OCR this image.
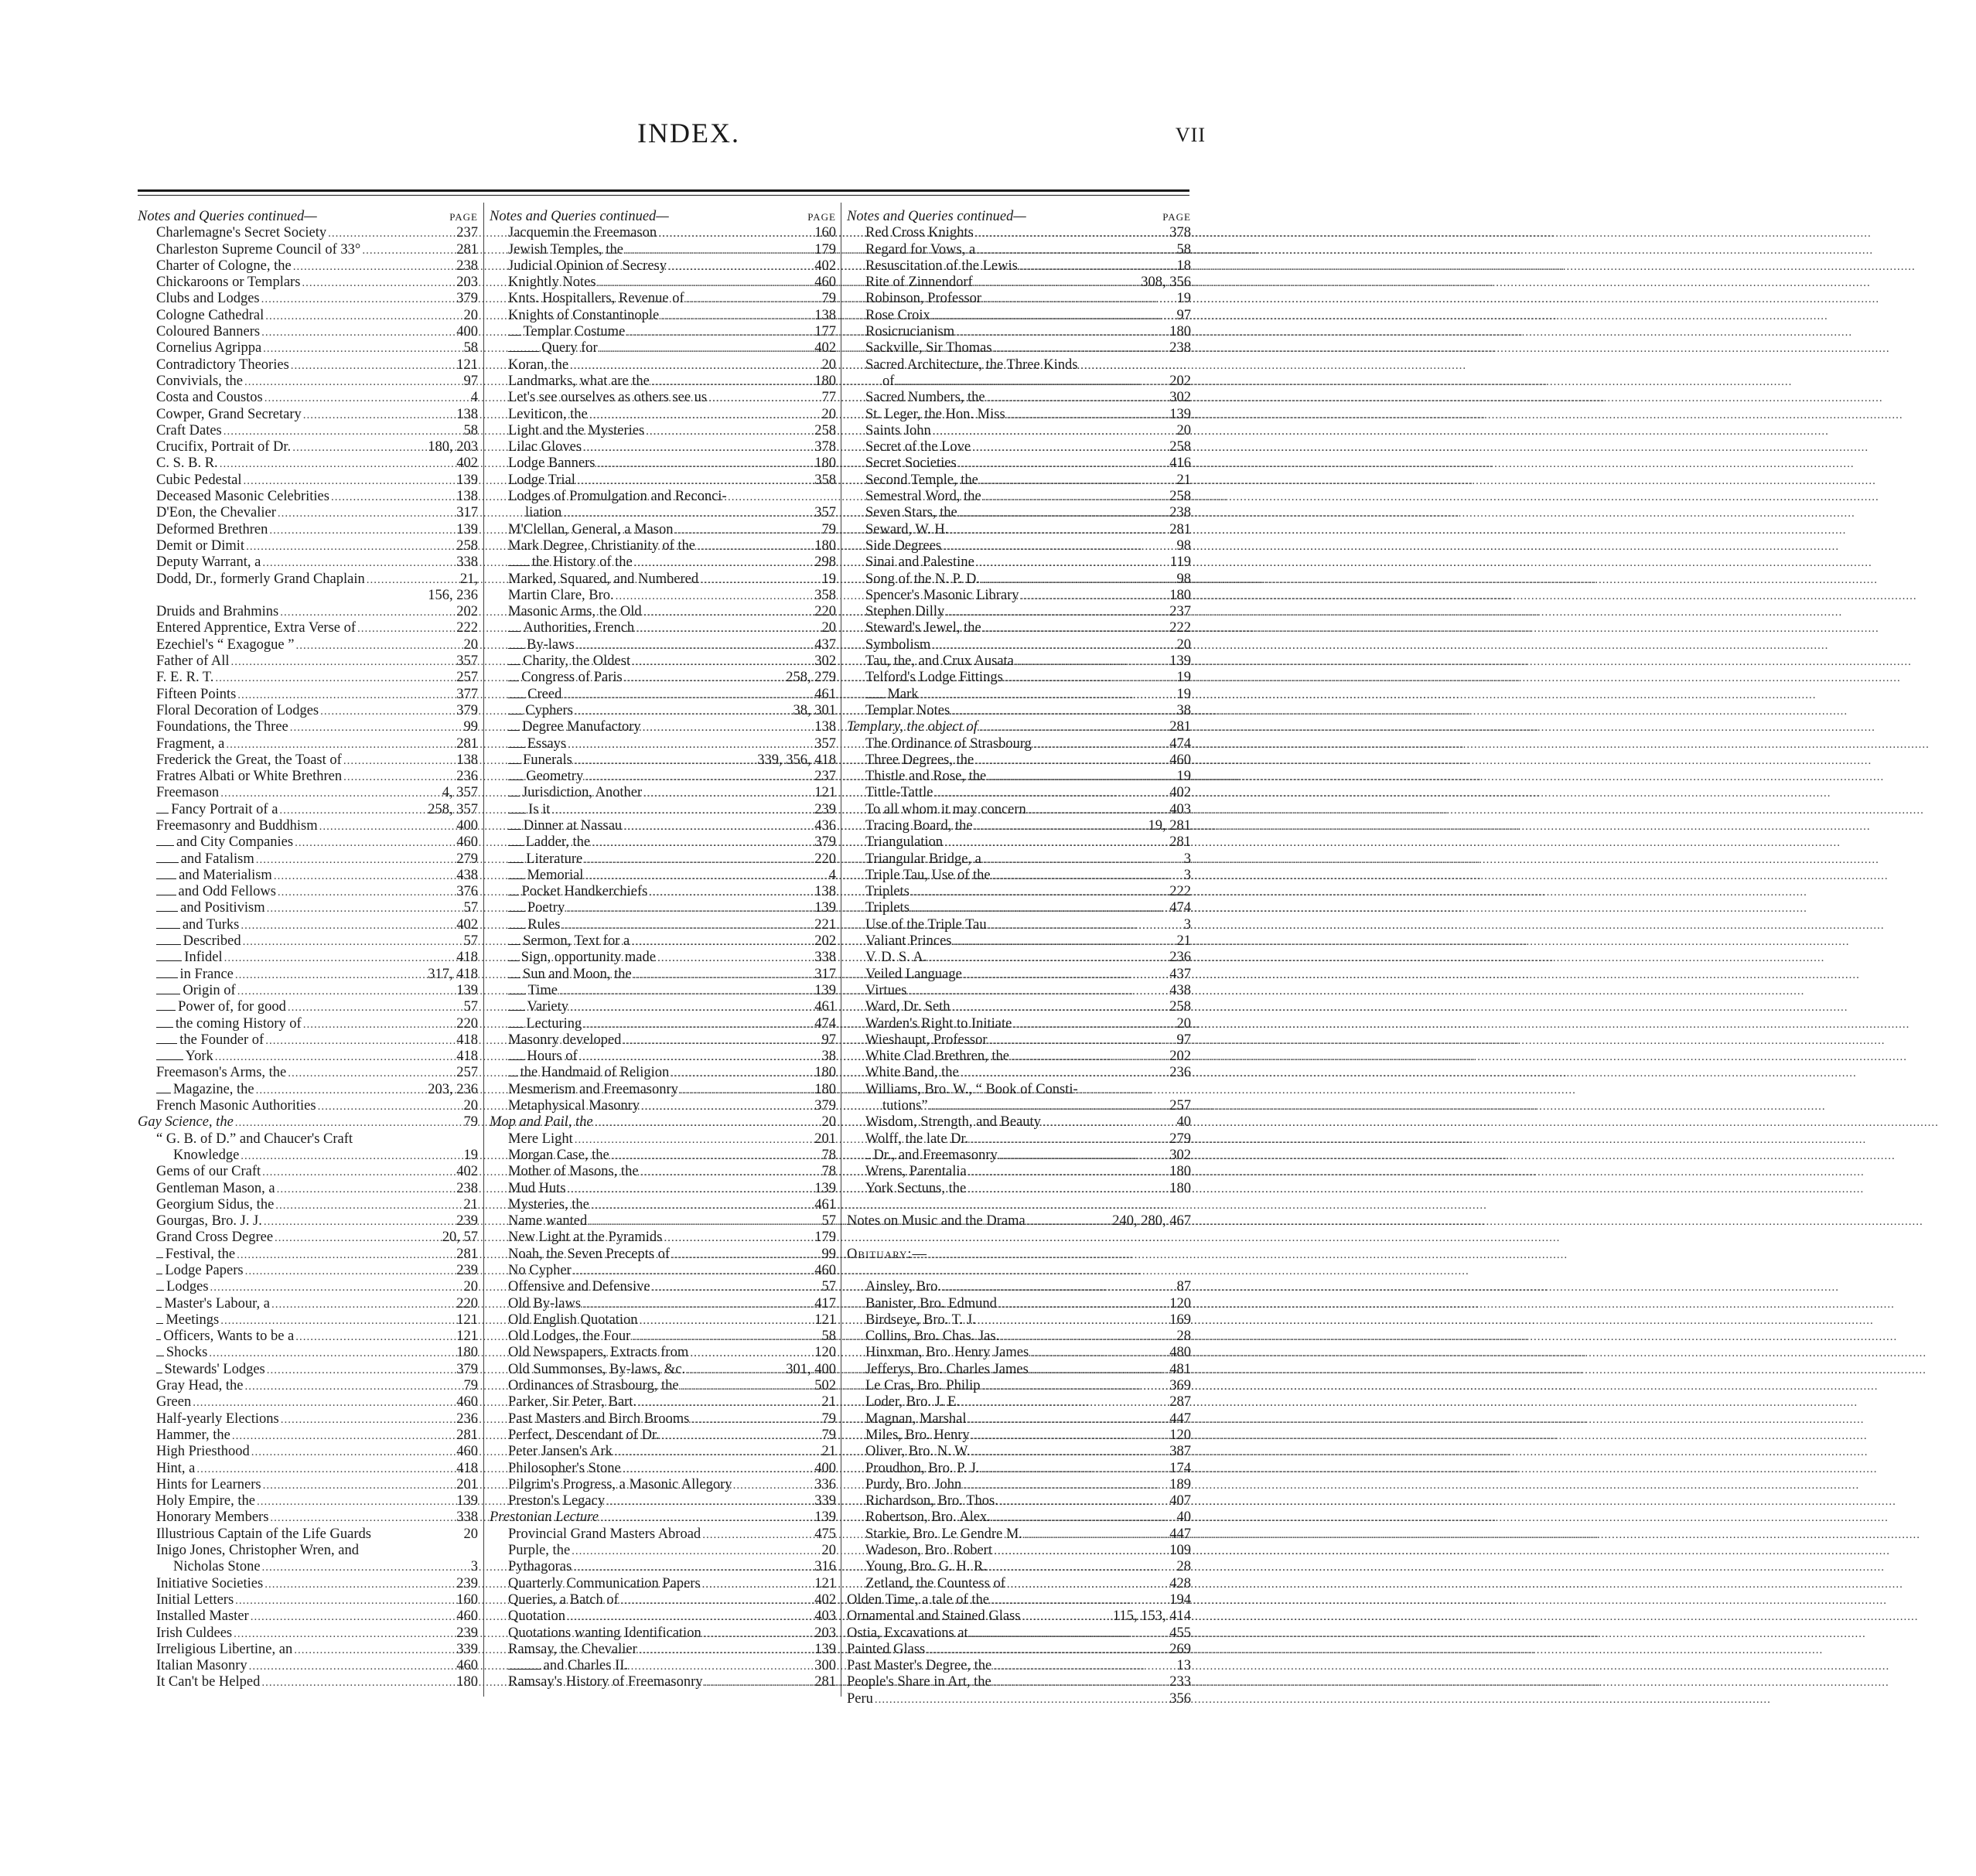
INDEX.	VII
Notes and Queries continued—	PAGE
Charlemagne's Secret Society .....	237
Charleston Supreme Council of 33° .....	281
Charter of Cologne, the .....	238
Chickaroons or Templars .....	203
Clubs and Lodges .....	379
Cologne Cathedral .....	20
Coloured Banners .....	400
Cornelius Agrippa .....	58
Contradictory Theories .....	121
Convivials, the .....	97
Costa and Coustos .....	4
Cowper, Grand Secretary .....	138
Craft Dates .....	58
Crucifix, Portrait of Dr. .....	180, 203
C. S. B. R. .....	402
Cubic Pedestal .....	139
Deceased Masonic Celebrities .....	138
D'Eon, the Chevalier .....	317
Deformed Brethren .....	139
Demit or Dimit .....	258
Deputy Warrant, a .....	338
Dodd, Dr., formerly Grand Chaplain .....	21,
156, 236
Druids and Brahmins .....	202
Entered Apprentice, Extra Verse of .....	222
Ezechiel's “ Exagogue ” .....	20
Father of All .....	357
F. E. R. T. .....	257
Fifteen Points .....	377
Floral Decoration of Lodges .....	379
Foundations, the Three .....	99
Fragment, a .....	281
Frederick the Great, the Toast of .....	138
Fratres Albati or White Brethren .....	236
Freemason .....	4, 357
Fancy Portrait of a .....	258, 357
Freemasonry and Buddhism .....	400
and City Companies .....	460
and Fatalism .....	279
and Materialism .....	438
and Odd Fellows .....	376
and Positivism .....	57
and Turks .....	402
Described .....	57
Infidel .....	418
in France .....	317, 418
Origin of .....	139
Power of, for good .....	57
the coming History of .....	220
the Founder of .....	418
York .....	418
Freemason's Arms, the .....	257
Magazine, the .....	203, 236
French Masonic Authorities .....	20
Gay Science, the .....	79
“ G. B. of D.” and Chaucer's Craft
Knowledge .....	19
Gems of our Craft .....	402
Gentleman Mason, a .....	238
Georgium Sidus, the .....	21
Gourgas, Bro. J. J. .....	239
Grand Cross Degree .....	20, 57
Festival, the .....	281
Lodge Papers .....	239
Lodges .....	20
Master's Labour, a .....	220
Meetings .....	121
Officers, Wants to be a .....	121
Shocks .....	180
Stewards' Lodges .....	379
Gray Head, the .....	79
Green .....	460
Half-yearly Elections .....	236
Hammer, the .....	281
High Priesthood .....	460
Hint, a .....	418
Hints for Learners .....	201
Holy Empire, the .....	139
Honorary Members .....	338
Illustrious Captain of the Life Guards	20
Inigo Jones, Christopher Wren, and
Nicholas Stone .....	3
Initiative Societies .....	239
Initial Letters .....	160
Installed Master .....	460
Irish Culdees .....	239
Irreligious Libertine, an .....	339
Italian Masonry .....	460
It Can't be Helped .....	180
Notes and Queries continued—	PAGE
Jacquemin the Freemason .....	160
Jewish Temples, the .....	179
Judicial Opinion of Secresy .....	402
Knightly Notes .....	460
Knts. Hospitallers, Revenue of .....	79
Knights of Constantinople .....	138
Templar Costume .....	177
Query for .....	402
Koran, the .....	20
Landmarks, what are the .....	180
Let's see ourselves as others see us .....	77
Leviticon, the .....	20
Light and the Mysteries .....	258
Lilac Gloves .....	378
Lodge Banners .....	180
Lodge Trial .....	358
Lodges of Promulgation and Reconci-
liation .....	357
M'Clellan, General, a Mason .....	79
Mark Degree, Christianity of the .....	180
the History of the .....	298
Marked, Squared, and Numbered .....	19
Martin Clare, Bro. .....	358
Masonic Arms, the Old .....	220
Authorities, French .....	20
By-laws .....	437
Charity, the Oldest .....	302
Congress of Paris .....	258, 279
Creed .....	461
Cyphers .....	38, 301
Degree Manufactory .....	138
Essays .....	357
Funerals .....	339, 356, 418
Geometry .....	237
Jurisdiction, Another .....	121
Is it .....	239
Dinner at Nassau .....	436
Ladder, the .....	379
Literature .....	220
Memorial .....	4
Pocket Handkerchiefs .....	138
Poetry .....	139
Rules .....	221
Sermon, Text for a .....	202
Sign, opportunity made .....	338
Sun and Moon, the .....	317
Time .....	139
Variety .....	461
Lecturing .....	474
Masonry developed .....	97
Hours of .....	38
the Handmaid of Religion .....	180
Mesmerism and Freemasonry .....	180
Metaphysical Masonry .....	379
Mop and Pail, the .....	20
Mere Light .....	201
Morgan Case, the .....	78
Mother of Masons, the .....	78
Mud Huts .....	139
Mysteries, the .....	461
Name wanted .....	57
New Light at the Pyramids .....	179
Noah, the Seven Precepts of .....	99
No Cypher .....	460
Offensive and Defensive .....	57
Old By-laws .....	417
Old English Quotation .....	121
Old Lodges, the Four .....	58
Old Newspapers, Extracts from .....	120
Old Summonses, By-laws, &c. .....	301, 400
Ordinances of Strasbourg, the .....	502
Parker, Sir Peter, Bart. .....	21
Past Masters and Birch Brooms .....	79
Perfect, Descendant of Dr. .....	79
Peter Jansen's Ark .....	21
Philosopher's Stone .....	400
Pilgrim's Progress, a Masonic Allegory	336
Preston's Legacy .....	339
Prestonian Lecture .....	139
Provincial Grand Masters Abroad .....	475
Purple, the .....	20
Pythagoras .....	316
Quarterly Communication Papers .....	121
Queries, a Batch of .....	402
Quotation .....	403
Quotations wanting Identification .....	203
Ramsay, the Chevalier .....	139
and Charles II.	300
Ramsay's History of Freemasonry .....	281
Notes and Queries continued—	PAGE
Red Cross Knights .....	378
Regard for Vows, a .....	58
Resuscitation of the Lewis .....	18
Rite of Zinnendorf .....	308, 356
Robinson, Professor .....	19
Rose Croix .....	97
Rosicrucianism .....	180
Sackville, Sir Thomas .....	238
Sacred Architecture, the Three Kinds
of .....	202
Sacred Numbers, the .....	302
St. Leger, the Hon. Miss .....	139
Saints John .....	20
Secret of the Love .....	258
Secret Societies .....	416
Second Temple, the .....	21
Semestral Word, the .....	258
Seven Stars, the .....	238
Seward, W. H. .....	281
Side Degrees .....	98
Sinai and Palestine .....	119
Song of the N. P. D. .....	98
Spencer's Masonic Library .....	180
Stephen Dilly .....	237
Steward's Jewel, the .....	222
Symbolism .....	20
Tau, the, and Crux Ausata .....	139
Telford's Lodge Fittings .....	19
Mark .....	19
Templar Notes .....	38
Templary, the object of .....	281
The Ordinance of Strasbourg .....	474
Three Degrees, the .....	460
Thistle and Rose, the .....	19
Tittle-Tattle .....	402
To all whom it may concern .....	403
Tracing Board, the .....	19, 281
Triangulation .....	281
Triangular Bridge, a .....	3
Triple Tau, Use of the .....	3
Triplets .....	222
Triplets .....	474
Use of the Triple Tau .....	3
Valiant Princes .....	21
V. D. S. A. .....	236
Veiled Language .....	437
Virtues .....	438
Ward, Dr. Seth .....	258
Warden's Right to Initiate .....	20
Wieshaupt, Professor .....	97
White Clad Brethren, the .....	202
White Band, the .....	236
Williams, Bro. W., “ Book of Consti-
tutions” .....	257
Wisdom, Strength, and Beauty .....	40
Wolff, the late Dr. .....	279
Dr., and Freemasonry .....	302
Wrens, Parentalia .....	180
York Sectuns, the .....	180
Notes on Music and the Drama .....	240, 280, 467
Obituary:—
Ainsley, Bro. .....	87
Banister, Bro. Edmund .....	120
Birdseye, Bro. T. J. .....	169
Collins, Bro. Chas. Jas. .....	28
Hinxman, Bro. Henry James .....	480
Jefferys, Bro. Charles James .....	481
Le Cras, Bro. Philip .....	369
Loder, Bro. J. E. .....	287
Magnan, Marshal .....	447
Miles, Bro. Henry .....	120
Oliver, Bro. N. W. .....	387
Proudhon, Bro. P. J. .....	174
Purdy, Bro. John .....	189
Richardson, Bro. Thos. .....	407
Robertson, Bro. Alex. .....	40
Starkie, Bro. Le Gendre M. .....	447
Wadeson, Bro. Robert .....	109
Young, Bro. G. H. R. .....	28
Zetland, the Countess of .....	428
Olden Time, a tale of the .....	194
Ornamental and Stained Glass .....	115, 153, 414
Ostia, Excavations at .....	455
Painted Glass .....	269
Past Master's Degree, the .....	13
People's Share in Art, the .....	233
Peru .....	356
